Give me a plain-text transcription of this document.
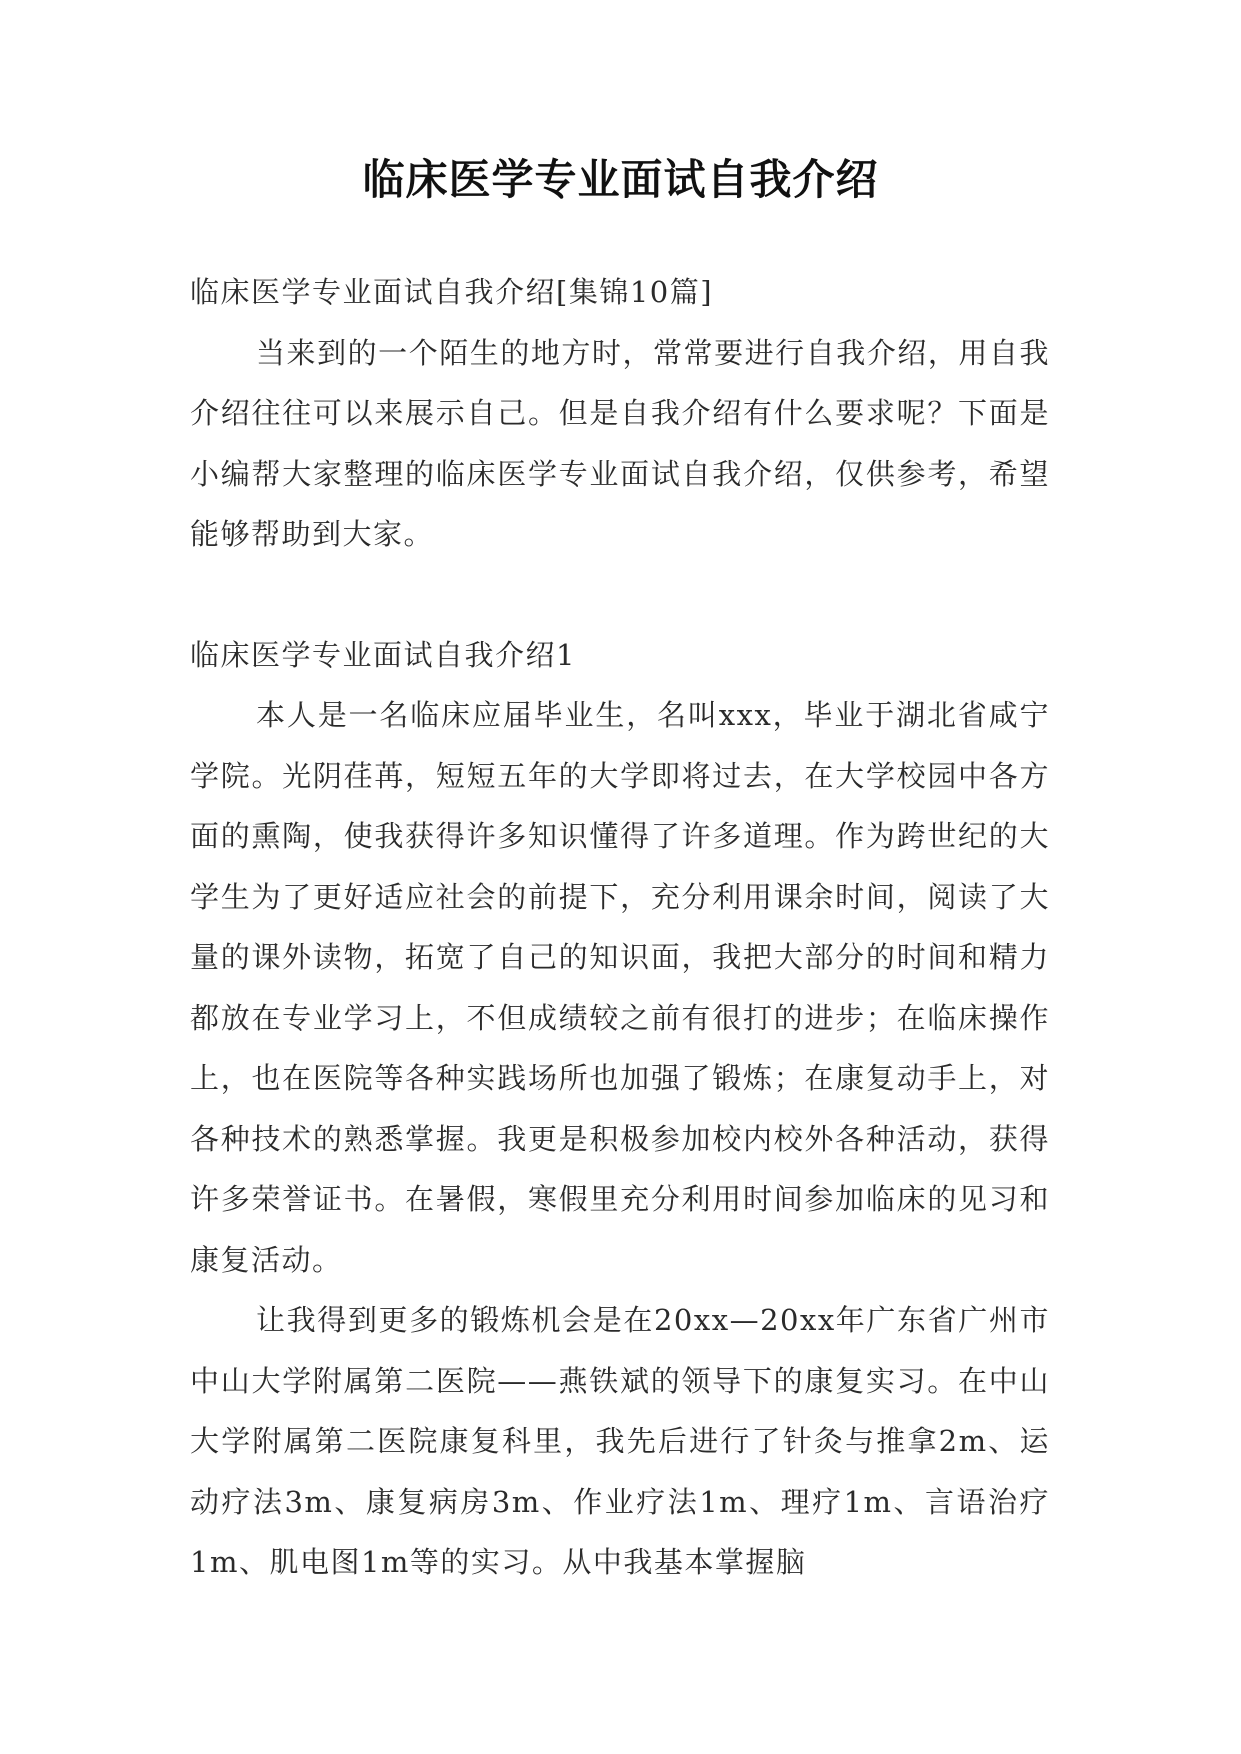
临床医学专业面试自我介绍

临床医学专业面试自我介绍[集锦10篇]

当来到的一个陌生的地方时，常常要进行自我介绍，用自我介绍往往可以来展示自己。但是自我介绍有什么要求呢？下面是小编帮大家整理的临床医学专业面试自我介绍，仅供参考，希望能够帮助到大家。

临床医学专业面试自我介绍1

本人是一名临床应届毕业生，名叫xxx，毕业于湖北省咸宁学院。光阴荏苒，短短五年的大学即将过去，在大学校园中各方面的熏陶，使我获得许多知识懂得了许多道理。作为跨世纪的大学生为了更好适应社会的前提下，充分利用课余时间，阅读了大量的课外读物，拓宽了自己的知识面，我把大部分的时间和精力都放在专业学习上，不但成绩较之前有很打的进步；在临床操作上，也在医院等各种实践场所也加强了锻炼；在康复动手上，对各种技术的熟悉掌握。我更是积极参加校内校外各种活动，获得许多荣誉证书。在暑假，寒假里充分利用时间参加临床的见习和康复活动。

让我得到更多的锻炼机会是在20xx—20xx年广东省广州市中山大学附属第二医院——燕铁斌的领导下的康复实习。在中山大学附属第二医院康复科里，我先后进行了针灸与推拿2m、运动疗法3m、康复病房3m、作业疗法1m、理疗1m、言语治疗1m、肌电图1m等的实习。从中我基本掌握脑
